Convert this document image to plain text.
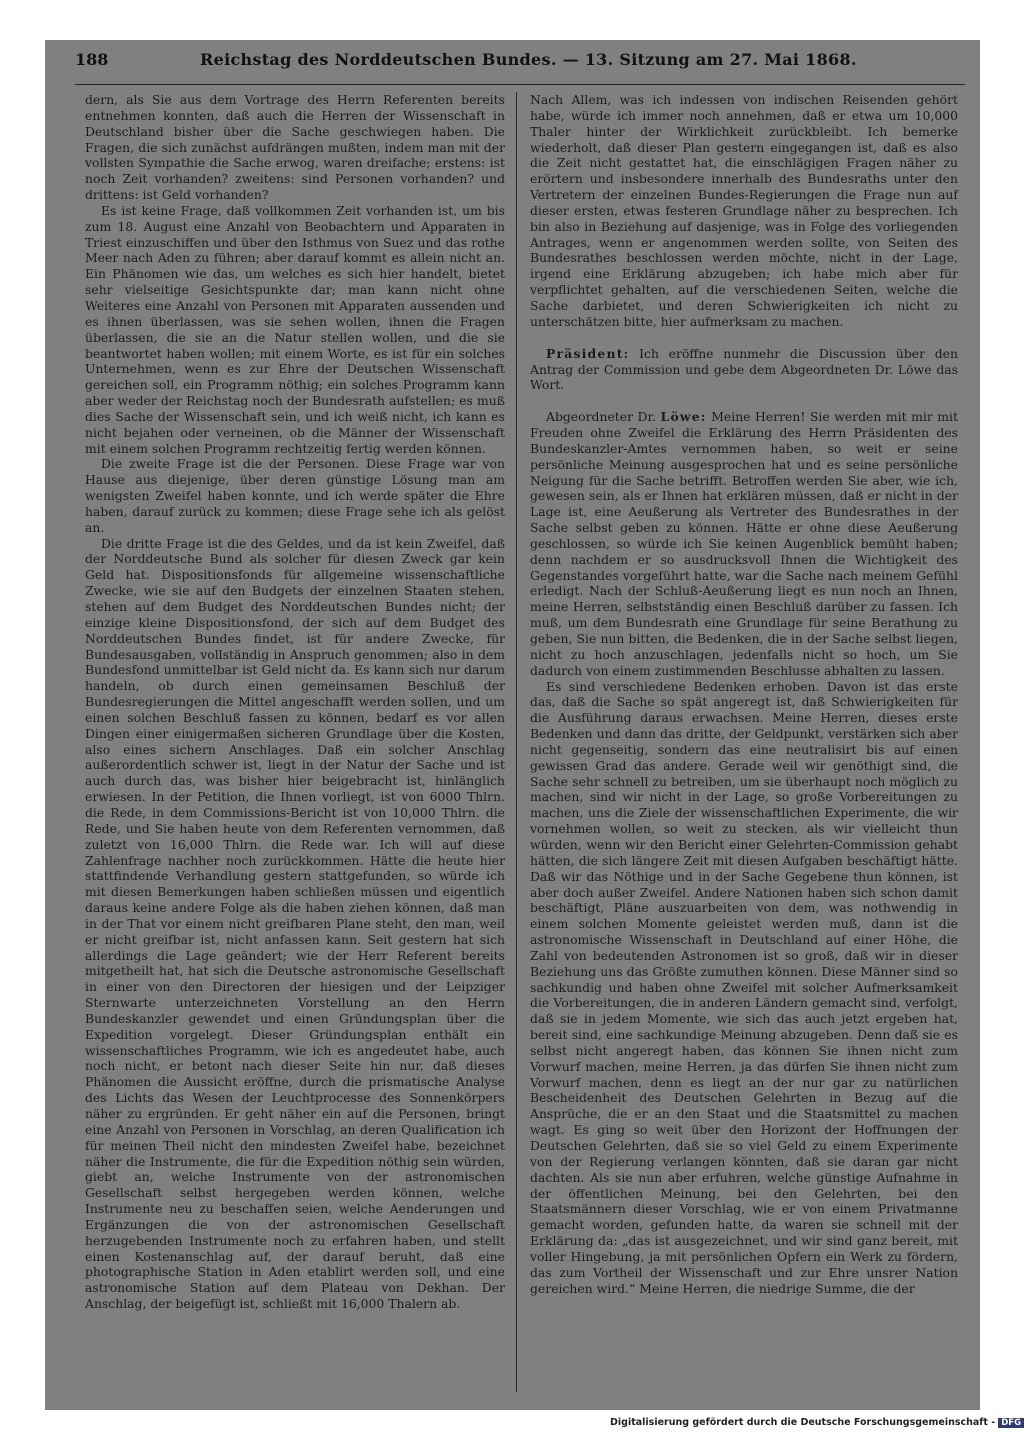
188	Reichstag des Norddeutschen Bundes. — 13. Sitzung am 27. Mai 1868.

dern, als Sie aus dem Vortrage des Herrn Referenten bereits entnehmen konnten, daß auch die Herren der Wissenschaft in Deutschland bisher über die Sache geschwiegen haben. Die Fragen, die sich zunächst aufdrängen mußten, indem man mit der vollsten Sympathie die Sache erwog, waren dreifache; erstens: ist noch Zeit vorhanden? zweitens: sind Personen vorhanden? und drittens: ist Geld vorhanden?

Es ist keine Frage, daß vollkommen Zeit vorhanden ist, um bis zum 18. August eine Anzahl von Beobachtern und Apparaten in Triest einzuschiffen und über den Isthmus von Suez und das rothe Meer nach Aden zu führen; aber darauf kommt es allein nicht an. Ein Phänomen wie das, um welches es sich hier handelt, bietet sehr vielseitige Gesichtspunkte dar; man kann nicht ohne Weiteres eine Anzahl von Personen mit Apparaten aussenden und es ihnen überlassen, was sie sehen wollen, ihnen die Fragen überlassen, die sie an die Natur stellen wollen, und die sie beantwortet haben wollen; mit einem Worte, es ist für ein solches Unternehmen, wenn es zur Ehre der Deutschen Wissenschaft gereichen soll, ein Programm nöthig; ein solches Programm kann aber weder der Reichstag noch der Bundesrath aufstellen; es muß dies Sache der Wissenschaft sein, und ich weiß nicht, ich kann es nicht bejahen oder verneinen, ob die Männer der Wissenschaft mit einem solchen Programm rechtzeitig fertig werden können.

Die zweite Frage ist die der Personen. Diese Frage war von Hause aus diejenige, über deren günstige Lösung man am wenigsten Zweifel haben konnte, und ich werde später die Ehre haben, darauf zurück zu kommen; diese Frage sehe ich als gelöst an.

Die dritte Frage ist die des Geldes, und da ist kein Zweifel, daß der Norddeutsche Bund als solcher für diesen Zweck gar kein Geld hat. Dispositionsfonds für allgemeine wissenschaftliche Zwecke, wie sie auf den Budgets der einzelnen Staaten stehen, stehen auf dem Budget des Norddeutschen Bundes nicht; der einzige kleine Dispositionsfond, der sich auf dem Budget des Norddeutschen Bundes findet, ist für andere Zwecke, für Bundesausgaben, vollständig in Anspruch genommen; also in dem Bundesfond unmittelbar ist Geld nicht da. Es kann sich nur darum handeln, ob durch einen gemeinsamen Beschluß der Bundesregierungen die Mittel angeschafft werden sollen, und um einen solchen Beschluß fassen zu können, bedarf es vor allen Dingen einer einigermaßen sicheren Grundlage über die Kosten, also eines sichern Anschlages. Daß ein solcher Anschlag außerordentlich schwer ist, liegt in der Natur der Sache und ist auch durch das, was bisher hier beigebracht ist, hinlänglich erwiesen. In der Petition, die Ihnen vorliegt, ist von 6000 Thlrn. die Rede, in dem Commissions-Bericht ist von 10,000 Thlrn. die Rede, und Sie haben heute von dem Referenten vernommen, daß zuletzt von 16,000 Thlrn. die Rede war. Ich will auf diese Zahlenfrage nachher noch zurückkommen. Hätte die heute hier stattfindende Verhandlung gestern stattgefunden, so würde ich mit diesen Bemerkungen haben schließen müssen und eigentlich daraus keine andere Folge als die haben ziehen können, daß man in der That vor einem nicht greifbaren Plane steht, den man, weil er nicht greifbar ist, nicht anfassen kann. Seit gestern hat sich allerdings die Lage geändert; wie der Herr Referent bereits mitgetheilt hat, hat sich die Deutsche astronomische Gesellschaft in einer von den Directoren der hiesigen und der Leipziger Sternwarte unterzeichneten Vorstellung an den Herrn Bundeskanzler gewendet und einen Gründungsplan über die Expedition vorgelegt. Dieser Gründungsplan enthält ein wissenschaftliches Programm, wie ich es angedeutet habe, auch noch nicht, er betont nach dieser Seite hin nur, daß dieses Phänomen die Aussicht eröffne, durch die prismatische Analyse des Lichts das Wesen der Leuchtprocesse des Sonnenkörpers näher zu ergründen. Er geht näher ein auf die Personen, bringt eine Anzahl von Personen in Vorschlag, an deren Qualification ich für meinen Theil nicht den mindesten Zweifel habe, bezeichnet näher die Instrumente, die für die Expedition nöthig sein würden, giebt an, welche Instrumente von der astronomischen Gesellschaft selbst hergegeben werden können, welche Instrumente neu zu beschaffen seien, welche Aenderungen und Ergänzungen die von der astronomischen Gesellschaft herzugebenden Instrumente noch zu erfahren haben, und stellt einen Kostenanschlag auf, der darauf beruht, daß eine photographische Station in Aden etablirt werden soll, und eine astronomische Station auf dem Plateau von Dekhan. Der Anschlag, der beigefügt ist, schließt mit 16,000 Thalern ab.

Nach Allem, was ich indessen von indischen Reisenden gehört habe, würde ich immer noch annehmen, daß er etwa um 10,000 Thaler hinter der Wirklichkeit zurückbleibt. Ich bemerke wiederholt, daß dieser Plan gestern eingegangen ist, daß es also die Zeit nicht gestattet hat, die einschlägigen Fragen näher zu erörtern und insbesondere innerhalb des Bundesraths unter den Vertretern der einzelnen Bundes-Regierungen die Frage nun auf dieser ersten, etwas festeren Grundlage näher zu besprechen. Ich bin also in Beziehung auf dasjenige, was in Folge des vorliegenden Antrages, wenn er angenommen werden sollte, von Seiten des Bundesrathes beschlossen werden möchte, nicht in der Lage, irgend eine Erklärung abzugeben; ich habe mich aber für verpflichtet gehalten, auf die verschiedenen Seiten, welche die Sache darbietet, und deren Schwierigkeiten ich nicht zu unterschätzen bitte, hier aufmerksam zu machen.

Präsident: Ich eröffne nunmehr die Discussion über den Antrag der Commission und gebe dem Abgeordneten Dr. Löwe das Wort.

Abgeordneter Dr. Löwe: Meine Herren! Sie werden mit mir mit Freuden ohne Zweifel die Erklärung des Herrn Präsidenten des Bundeskanzler-Amtes vernommen haben, so weit er seine persönliche Meinung ausgesprochen hat und es seine persönliche Neigung für die Sache betrifft. Betroffen werden Sie aber, wie ich, gewesen sein, als er Ihnen hat erklären müssen, daß er nicht in der Lage ist, eine Aeußerung als Vertreter des Bundesrathes in der Sache selbst geben zu können. Hätte er ohne diese Aeußerung geschlossen, so würde ich Sie keinen Augenblick bemüht haben; denn nachdem er so ausdrucksvoll Ihnen die Wichtigkeit des Gegenstandes vorgeführt hatte, war die Sache nach meinem Gefühl erledigt. Nach der Schluß-Aeußerung liegt es nun noch an Ihnen, meine Herren, selbstständig einen Beschluß darüber zu fassen. Ich muß, um dem Bundesrath eine Grundlage für seine Berathung zu geben, Sie nun bitten, die Bedenken, die in der Sache selbst liegen, nicht zu hoch anzuschlagen, jedenfalls nicht so hoch, um Sie dadurch von einem zustimmenden Beschlusse abhalten zu lassen.

Es sind verschiedene Bedenken erhoben. Davon ist das erste das, daß die Sache so spät angeregt ist, daß Schwierigkeiten für die Ausführung daraus erwachsen. Meine Herren, dieses erste Bedenken und dann das dritte, der Geldpunkt, verstärken sich aber nicht gegenseitig, sondern das eine neutralisirt bis auf einen gewissen Grad das andere. Gerade weil wir genöthigt sind, die Sache sehr schnell zu betreiben, um sie überhaupt noch möglich zu machen, sind wir nicht in der Lage, so große Vorbereitungen zu machen, uns die Ziele der wissenschaftlichen Experimente, die wir vornehmen wollen, so weit zu stecken, als wir vielleicht thun würden, wenn wir den Bericht einer Gelehrten-Commission gehabt hätten, die sich längere Zeit mit diesen Aufgaben beschäftigt hätte. Daß wir das Nöthige und in der Sache Gegebene thun können, ist aber doch außer Zweifel. Andere Nationen haben sich schon damit beschäftigt, Pläne auszuarbeiten von dem, was nothwendig in einem solchen Momente geleistet werden muß, dann ist die astronomische Wissenschaft in Deutschland auf einer Höhe, die Zahl von bedeutenden Astronomen ist so groß, daß wir in dieser Beziehung uns das Größte zumuthen können. Diese Männer sind so sachkundig und haben ohne Zweifel mit solcher Aufmerksamkeit die Vorbereitungen, die in anderen Ländern gemacht sind, verfolgt, daß sie in jedem Momente, wie sich das auch jetzt ergeben hat, bereit sind, eine sachkundige Meinung abzugeben. Denn daß sie es selbst nicht angeregt haben, das können Sie ihnen nicht zum Vorwurf machen, meine Herren, ja das dürfen Sie ihnen nicht zum Vorwurf machen, denn es liegt an der nur gar zu natürlichen Bescheidenheit des Deutschen Gelehrten in Bezug auf die Ansprüche, die er an den Staat und die Staatsmittel zu machen wagt. Es ging so weit über den Horizont der Hoffnungen der Deutschen Gelehrten, daß sie so viel Geld zu einem Experimente von der Regierung verlangen könnten, daß sie daran gar nicht dachten. Als sie nun aber erfuhren, welche günstige Aufnahme in der öffentlichen Meinung, bei den Gelehrten, bei den Staatsmännern dieser Vorschlag, wie er von einem Privatmanne gemacht worden, gefunden hatte, da waren sie schnell mit der Erklärung da: „das ist ausgezeichnet, und wir sind ganz bereit, mit voller Hingebung, ja mit persönlichen Opfern ein Werk zu fördern, das zum Vortheil der Wissenschaft und zur Ehre unsrer Nation gereichen wird.“ Meine Herren, die niedrige Summe, die der

Digitalisierung gefördert durch die Deutsche Forschungsgemeinschaft - DFG
